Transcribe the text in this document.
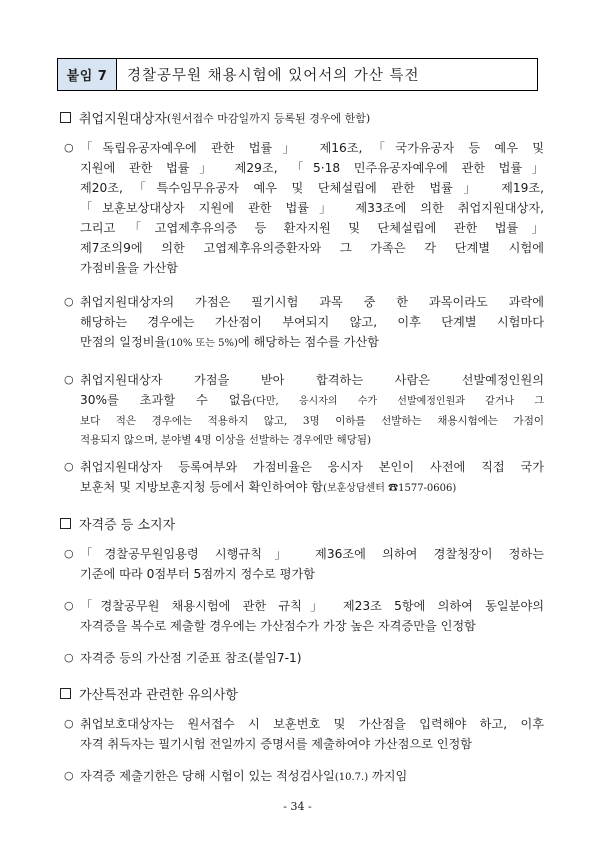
붙임 7	경찰공무원 채용시험에 있어서의 가산 특전
취업지원대상자 (원서접수 마감일까지 등록된 경우에 한함)
○ 「독립유공자예우에 관한 법률」 제16조,「국가유공자 등 예우 및

지원에 관한 법률」 제29조, 「5·18 민주유공자예우에 관한 법률」

제20조,「특수임무유공자 예우 및 단체설립에 관한 법률」 제19조,

「보훈보상대상자 지원에 관한 법률」 제33조에 의한 취업지원대상자,

그리고「고엽제후유의증 등 환자지원 및 단체설립에 관한 법률」

제7조의9에 의한 고엽제후유의증환자와 그 가족은 각 단계별 시험에

가점비율을 가산함

○ 취업지원대상자의 가점은 필기시험 과목 중 한 과목이라도 과락에

해당하는 경우에는 가산점이 부여되지 않고, 이후 단계별 시험마다

만점의 일정비율(10% 또는 5%)에 해당하는 점수를 가산함

○ 취업지원대상자 가점을 받아 합격하는 사람은 선발예정인원의

30%를 초과할 수 없음(다만, 응시자의 수가 선발예정인원과 같거나 그

보다 적은 경우에는 적용하지 않고, 3명 이하를 선발하는 채용시험에는 가점이

적용되지 않으며, 분야별 4명 이상을 선발하는 경우에만 해당됨)

○ 취업지원대상자 등록여부와 가점비율은 응시자 본인이 사전에 직접 국가

보훈처 및 지방보훈지청 등에서 확인하여야 함(보훈상담센터 ☎1577-0606)

자격증 등 소지자
○ 「경찰공무원임용령 시행규칙」 제36조에 의하여 경찰청장이 정하는

기준에 따라 0점부터 5점까지 정수로 평가함

○ 「경찰공무원 채용시험에 관한 규칙」 제23조 5항에 의하여 동일분야의

자격증을 복수로 제출할 경우에는 가산점수가 가장 높은 자격증만을 인정함

○ 자격증 등의 가산점 기준표 참조(붙임7-1)

가산특전과 관련한 유의사항
○ 취업보호대상자는 원서접수 시 보훈번호 및 가산점을 입력해야 하고, 이후

자격 취득자는 필기시험 전일까지 증명서를 제출하여야 가산점으로 인정함

○ 자격증 제출기한은 당해 시험이 있는 적성검사일(10.7.) 까지임

- 34 -
